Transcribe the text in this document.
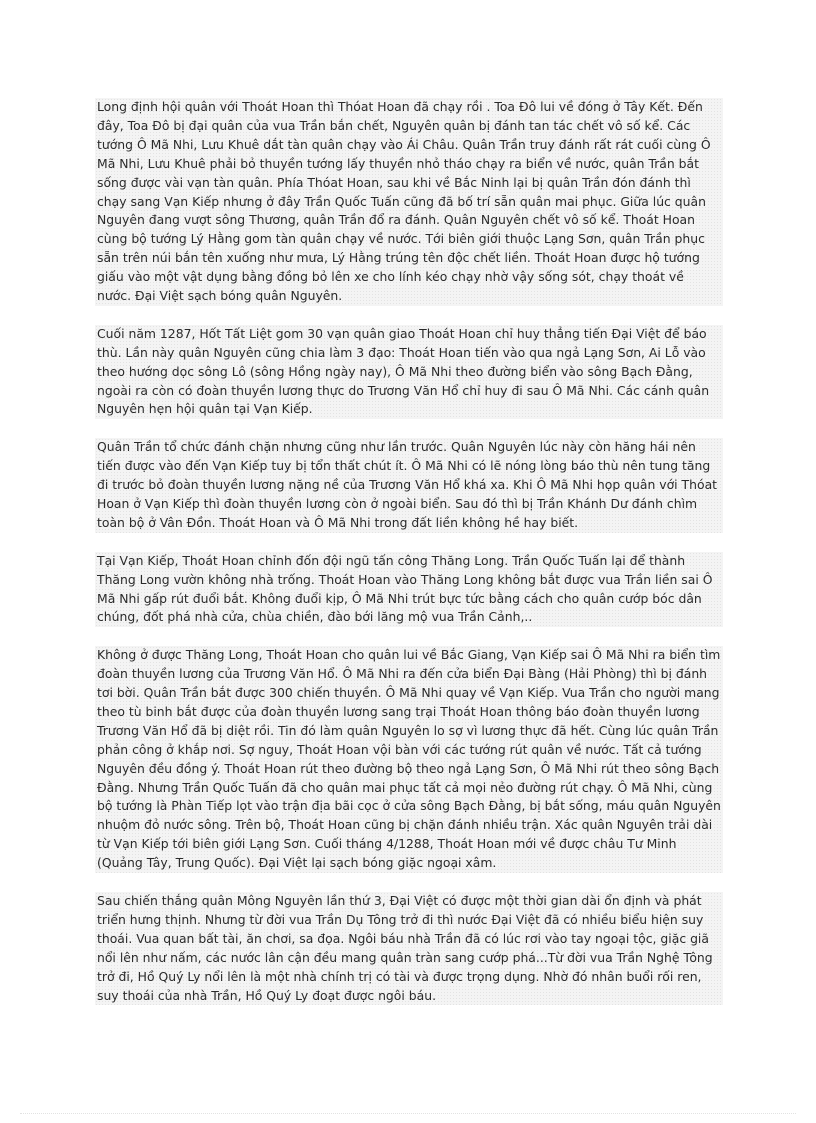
Long định hội quân với Thoát Hoan thì Thóat Hoan đã chạy rồi . Toa Đô lui về đóng ở Tây Kết. Đến đây, Toa Đô bị đại quân của vua Trần bắn chết, Nguyên quân bị đánh tan tác chết vô số kể. Các tướng Ô Mã Nhi, Lưu Khuê dắt tàn quân chạy vào Ái Châu. Quân Trần truy đánh rất rát cuối cùng Ô Mã Nhi, Lưu Khuê phải bỏ thuyền tướng lấy thuyền nhỏ tháo chạy ra biển về nước, quân Trần bắt sống được vài vạn tàn quân. Phía Thóat Hoan, sau khi về Bắc Ninh lại bị quân Trần đón đánh thì chạy sang Vạn Kiếp nhưng ở đây Trần Quốc Tuấn cũng đã bố trí sẵn quân mai phục. Giữa lúc quân Nguyên đang vượt sông Thương, quân Trần đổ ra đánh. Quân Nguyên chết vô số kể. Thoát Hoan cùng bộ tướng Lý Hằng gom tàn quân chạy về nước. Tới biên giới thuộc Lạng Sơn, quân Trần phục sẵn trên núi bắn tên xuống như mưa, Lý Hằng trúng tên độc chết liền. Thoát Hoan được hộ tướng giấu vào một vật dụng bằng đồng bỏ lên xe cho lính kéo chạy nhờ vậy sống sót, chạy thoát về nước. Đại Việt sạch bóng quân Nguyên.

Cuối năm 1287, Hốt Tất Liệt gom 30 vạn quân giao Thoát Hoan chỉ huy thẳng tiến Đại Việt để báo thù. Lần này quân Nguyên cũng chia làm 3 đạo: Thoát Hoan tiến vào qua ngả Lạng Sơn, Ai Lỗ vào theo hướng dọc sông Lô (sông Hồng ngày nay), Ô Mã Nhi theo đường biển vào sông Bạch Đằng, ngoài ra còn có đoàn thuyền lương thực do Trương Văn Hổ chỉ huy đi sau Ô Mã Nhi. Các cánh quân Nguyên hẹn hội quân tại Vạn Kiếp.

Quân Trần tổ chức đánh chặn nhưng cũng như lần trước. Quân Nguyên lúc này còn hăng hái nên tiến được vào đến Vạn Kiếp tuy bị tổn thất chút ít. Ô Mã Nhi có lẽ nóng lòng báo thù nên tung tăng đi trước bỏ đoàn thuyền lương nặng nề của Trương Văn Hổ khá xa. Khi Ô Mã Nhi họp quân với Thóat Hoan ở Vạn Kiếp thì đoàn thuyền lương còn ở ngoài biển. Sau đó thì bị Trần Khánh Dư đánh chìm toàn bộ ở Vân Đồn. Thoát Hoan và Ô Mã Nhi trong đất liền không hề hay biết.

Tại Vạn Kiếp, Thoát Hoan chỉnh đốn đội ngũ tấn công Thăng Long. Trần Quốc Tuấn lại để thành Thăng Long vườn không nhà trống. Thoát Hoan vào Thăng Long không bắt được vua Trần liền sai Ô Mã Nhi gấp rút đuổi bắt. Không đuổi kịp, Ô Mã Nhi trút bực tức bằng cách cho quân cướp bóc dân chúng, đốt phá nhà cửa, chùa chiền, đào bới lăng mộ vua Trần Cảnh,..

Không ở được Thăng Long, Thoát Hoan cho quân lui về Bắc Giang, Vạn Kiếp sai Ô Mã Nhi ra biển tìm đoàn thuyền lương của Trương Văn Hổ. Ô Mã Nhi ra đến cửa biển Đại Bàng (Hải Phòng) thì bị đánh tơi bời. Quân Trần bắt được 300 chiến thuyền. Ô Mã Nhi quay về Vạn Kiếp. Vua Trần cho người mang theo tù binh bắt được của đoàn thuyền lương sang trại Thoát Hoan thông báo đoàn thuyền lương Trương Văn Hổ đã bị diệt rồi. Tin đó làm quân Nguyên lo sợ vì lương thực đã hết. Cùng lúc quân Trần phản công ở khắp nơi. Sợ nguy, Thoát Hoan vội bàn với các tướng rút quân về nước. Tất cả tướng Nguyên đều đồng ý. Thoát Hoan rút theo đường bộ theo ngả Lạng Sơn, Ô Mã Nhi rút theo sông Bạch Đằng. Nhưng Trần Quốc Tuấn đã cho quân mai phục tất cả mọi nẻo đường rút chạy. Ô Mã Nhi, cùng bộ tướng là Phàn Tiếp lọt vào trận địa bãi cọc ở cửa sông Bạch Đằng, bị bắt sống, máu quân Nguyên nhuộm đỏ nước sông. Trên bộ, Thoát Hoan cũng bị chặn đánh nhiều trận. Xác quân Nguyên trải dài từ Vạn Kiếp tới biên giới Lạng Sơn. Cuối tháng 4/1288, Thoát Hoan mới về được châu Tư Minh (Quảng Tây, Trung Quốc). Đại Việt lại sạch bóng giặc ngoại xâm.

Sau chiến thắng quân Mông Nguyên lần thứ 3, Đại Việt có được một thời gian dài ổn định và phát triển hưng thịnh. Nhưng từ đời vua Trần Dụ Tông trở đi thì nước Đại Việt đã có nhiều biểu hiện suy thoái. Vua quan bất tài, ăn chơi, sa đọa. Ngôi báu nhà Trần đã có lúc rơi vào tay ngoại tộc, giặc giã nổi lên như nấm, các nước lân cận đều mang quân tràn sang cướp phá...Từ đời vua Trần Nghệ Tông trở đi, Hồ Quý Ly nổi lên là một nhà chính trị có tài và được trọng dụng. Nhờ đó nhân buổi rối ren, suy thoái của nhà Trần, Hồ Quý Ly đoạt được ngôi báu.
